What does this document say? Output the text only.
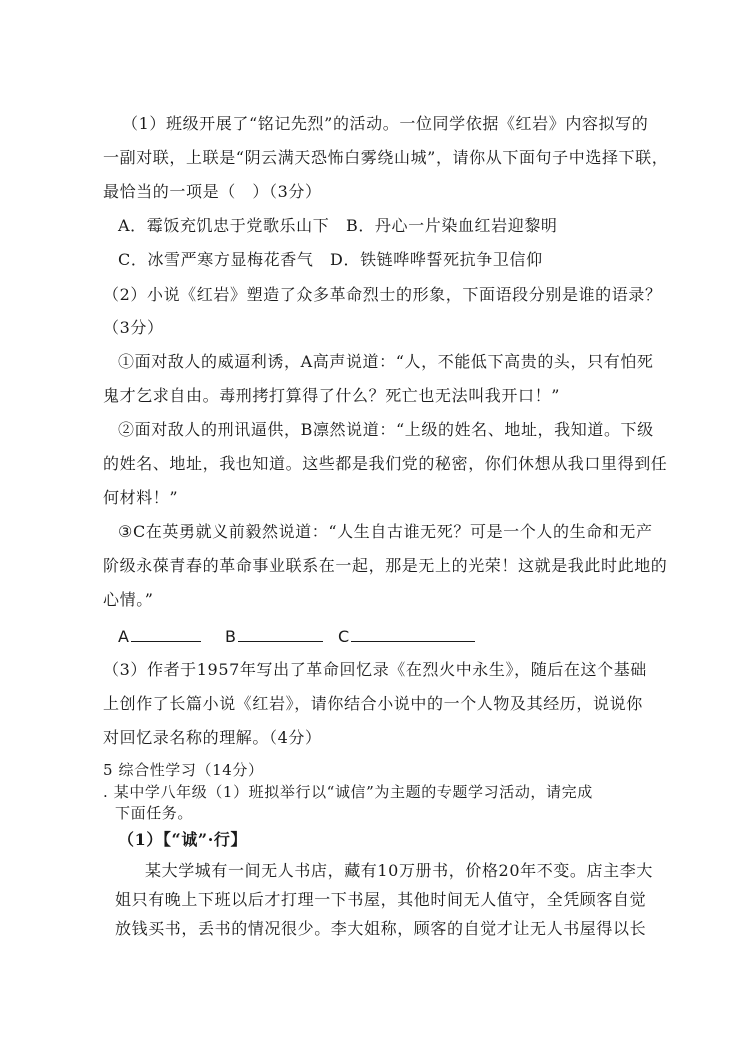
（1）班级开展了“铭记先烈”的活动。一位同学依据《红岩》内容拟写的
一副对联，上联是“阴云满天恐怖白雾绕山城”，请你从下面句子中选择下联，
最恰当的一项是（　）（3分）
A．霉饭充饥忠于党歌乐山下　B．丹心一片染血红岩迎黎明
C．冰雪严寒方显梅花香气　D．铁链哗哗誓死抗争卫信仰
（2）小说《红岩》塑造了众多革命烈士的形象，下面语段分别是谁的语录？
（3分）
①面对敌人的威逼利诱，A高声说道：“人，不能低下高贵的头，只有怕死
鬼才乞求自由。毒刑拷打算得了什么？死亡也无法叫我开口！”
②面对敌人的刑讯逼供，B凛然说道：“上级的姓名、地址，我知道。下级
的姓名、地址，我也知道。这些都是我们党的秘密，你们休想从我口里得到任
何材料！”
③C在英勇就义前毅然说道：“人生自古谁无死？可是一个人的生命和无产
阶级永葆青春的革命事业联系在一起，那是无上的光荣！这就是我此时此地的
心情。”
A	B	C
（3）作者于1957年写出了革命回忆录《在烈火中永生》，随后在这个基础
上创作了长篇小说《红岩》，请你结合小说中的一个人物及其经历，说说你
对回忆录名称的理解。（4分）
5 综合性学习（14分）
. 某中学八年级（1）班拟举行以“诚信”为主题的专题学习活动，请完成
下面任务。
（1）【“诚”·行】
某大学城有一间无人书店，藏有10万册书，价格20年不变。店主李大
姐只有晚上下班以后才打理一下书屋，其他时间无人值守，全凭顾客自觉
放钱买书，丢书的情况很少。李大姐称，顾客的自觉才让无人书屋得以长
